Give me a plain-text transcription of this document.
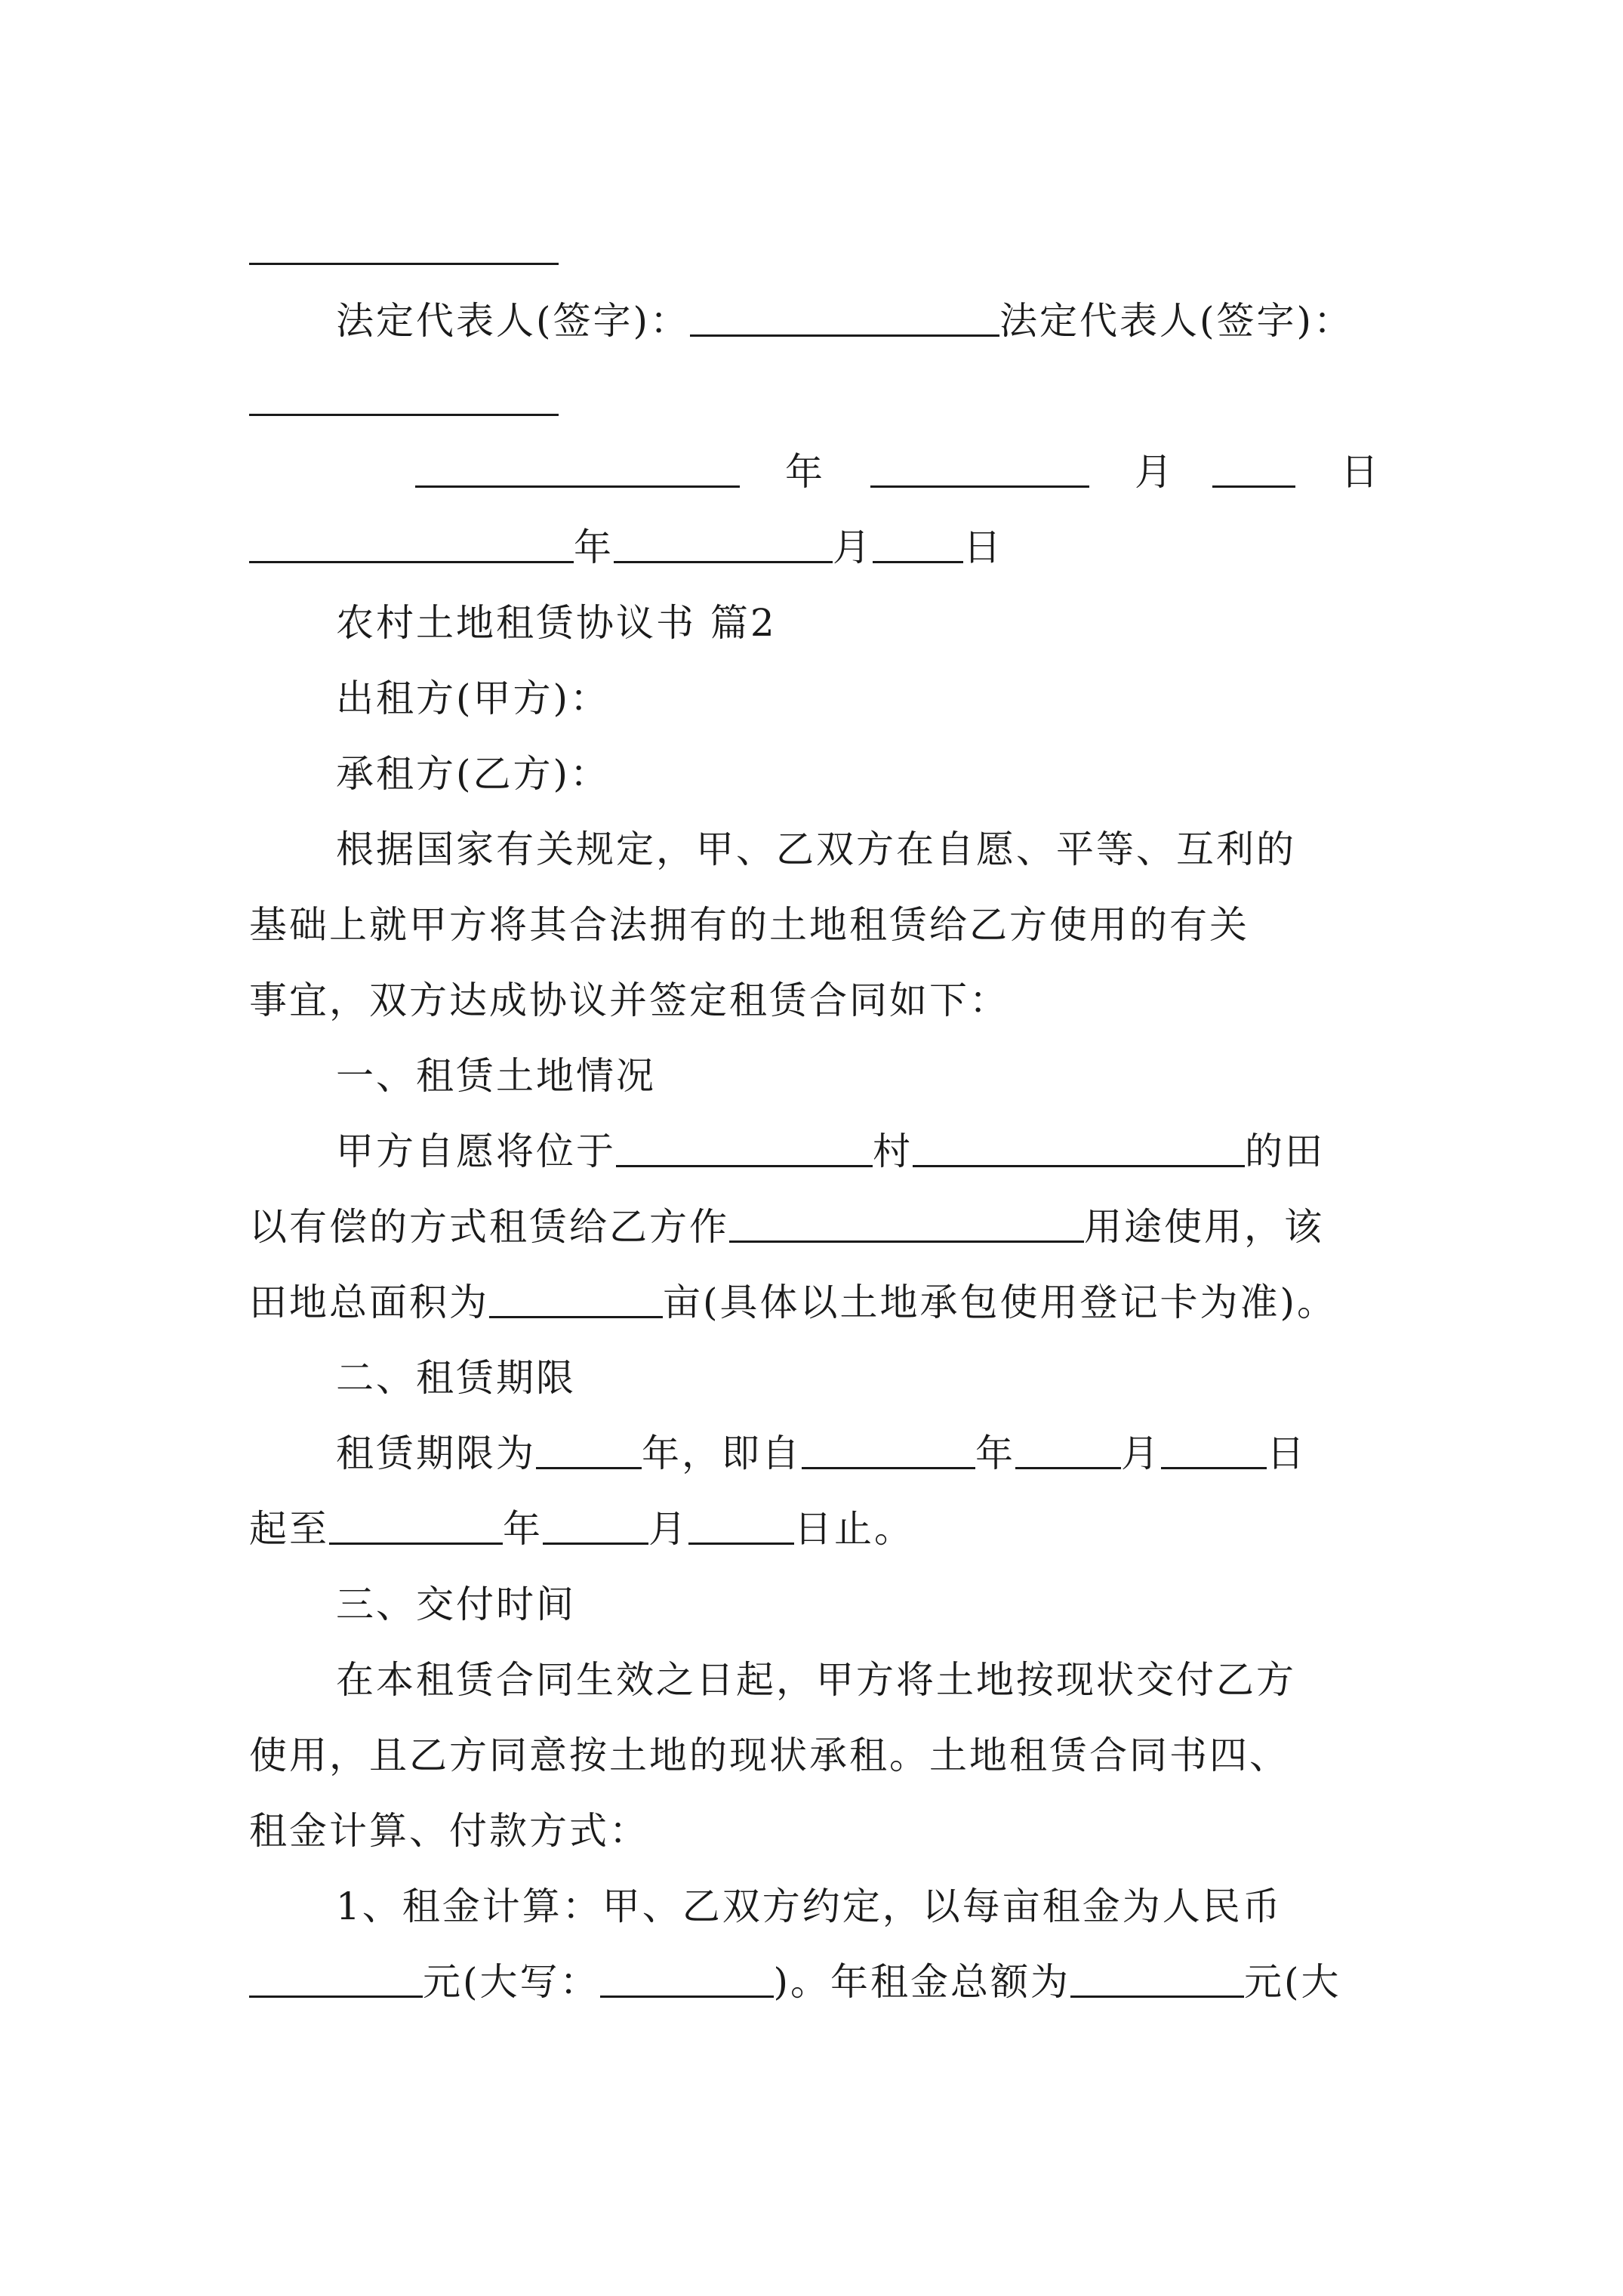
法定代表人(签字)：	法定代表人(签字)：
年	月	日
年	月 日
农村土地租赁协议书 篇2
出租方(甲方)：
承租方(乙方)：
根据国家有关规定，甲、乙双方在自愿、平等、互利的
基础上就甲方将其合法拥有的土地租赁给乙方使用的有关
事宜，双方达成协议并签定租赁合同如下：
一、租赁土地情况
甲方自愿将位于	村	的田
以有偿的方式租赁给乙方作	用途使用，该
田地总面积为	亩(具体以土地承包使用登记卡为准)。
二、租赁期限
租赁期限为	年，即自	年	月	日
起至	年	月	日止。
三、交付时间
在本租赁合同生效之日起，甲方将土地按现状交付乙方
使用，且乙方同意按土地的现状承租。土地租赁合同书四、
租金计算、付款方式：
1、租金计算：甲、乙双方约定，以每亩租金为人民币
元(大写：	)。年租金总额为	元(大
